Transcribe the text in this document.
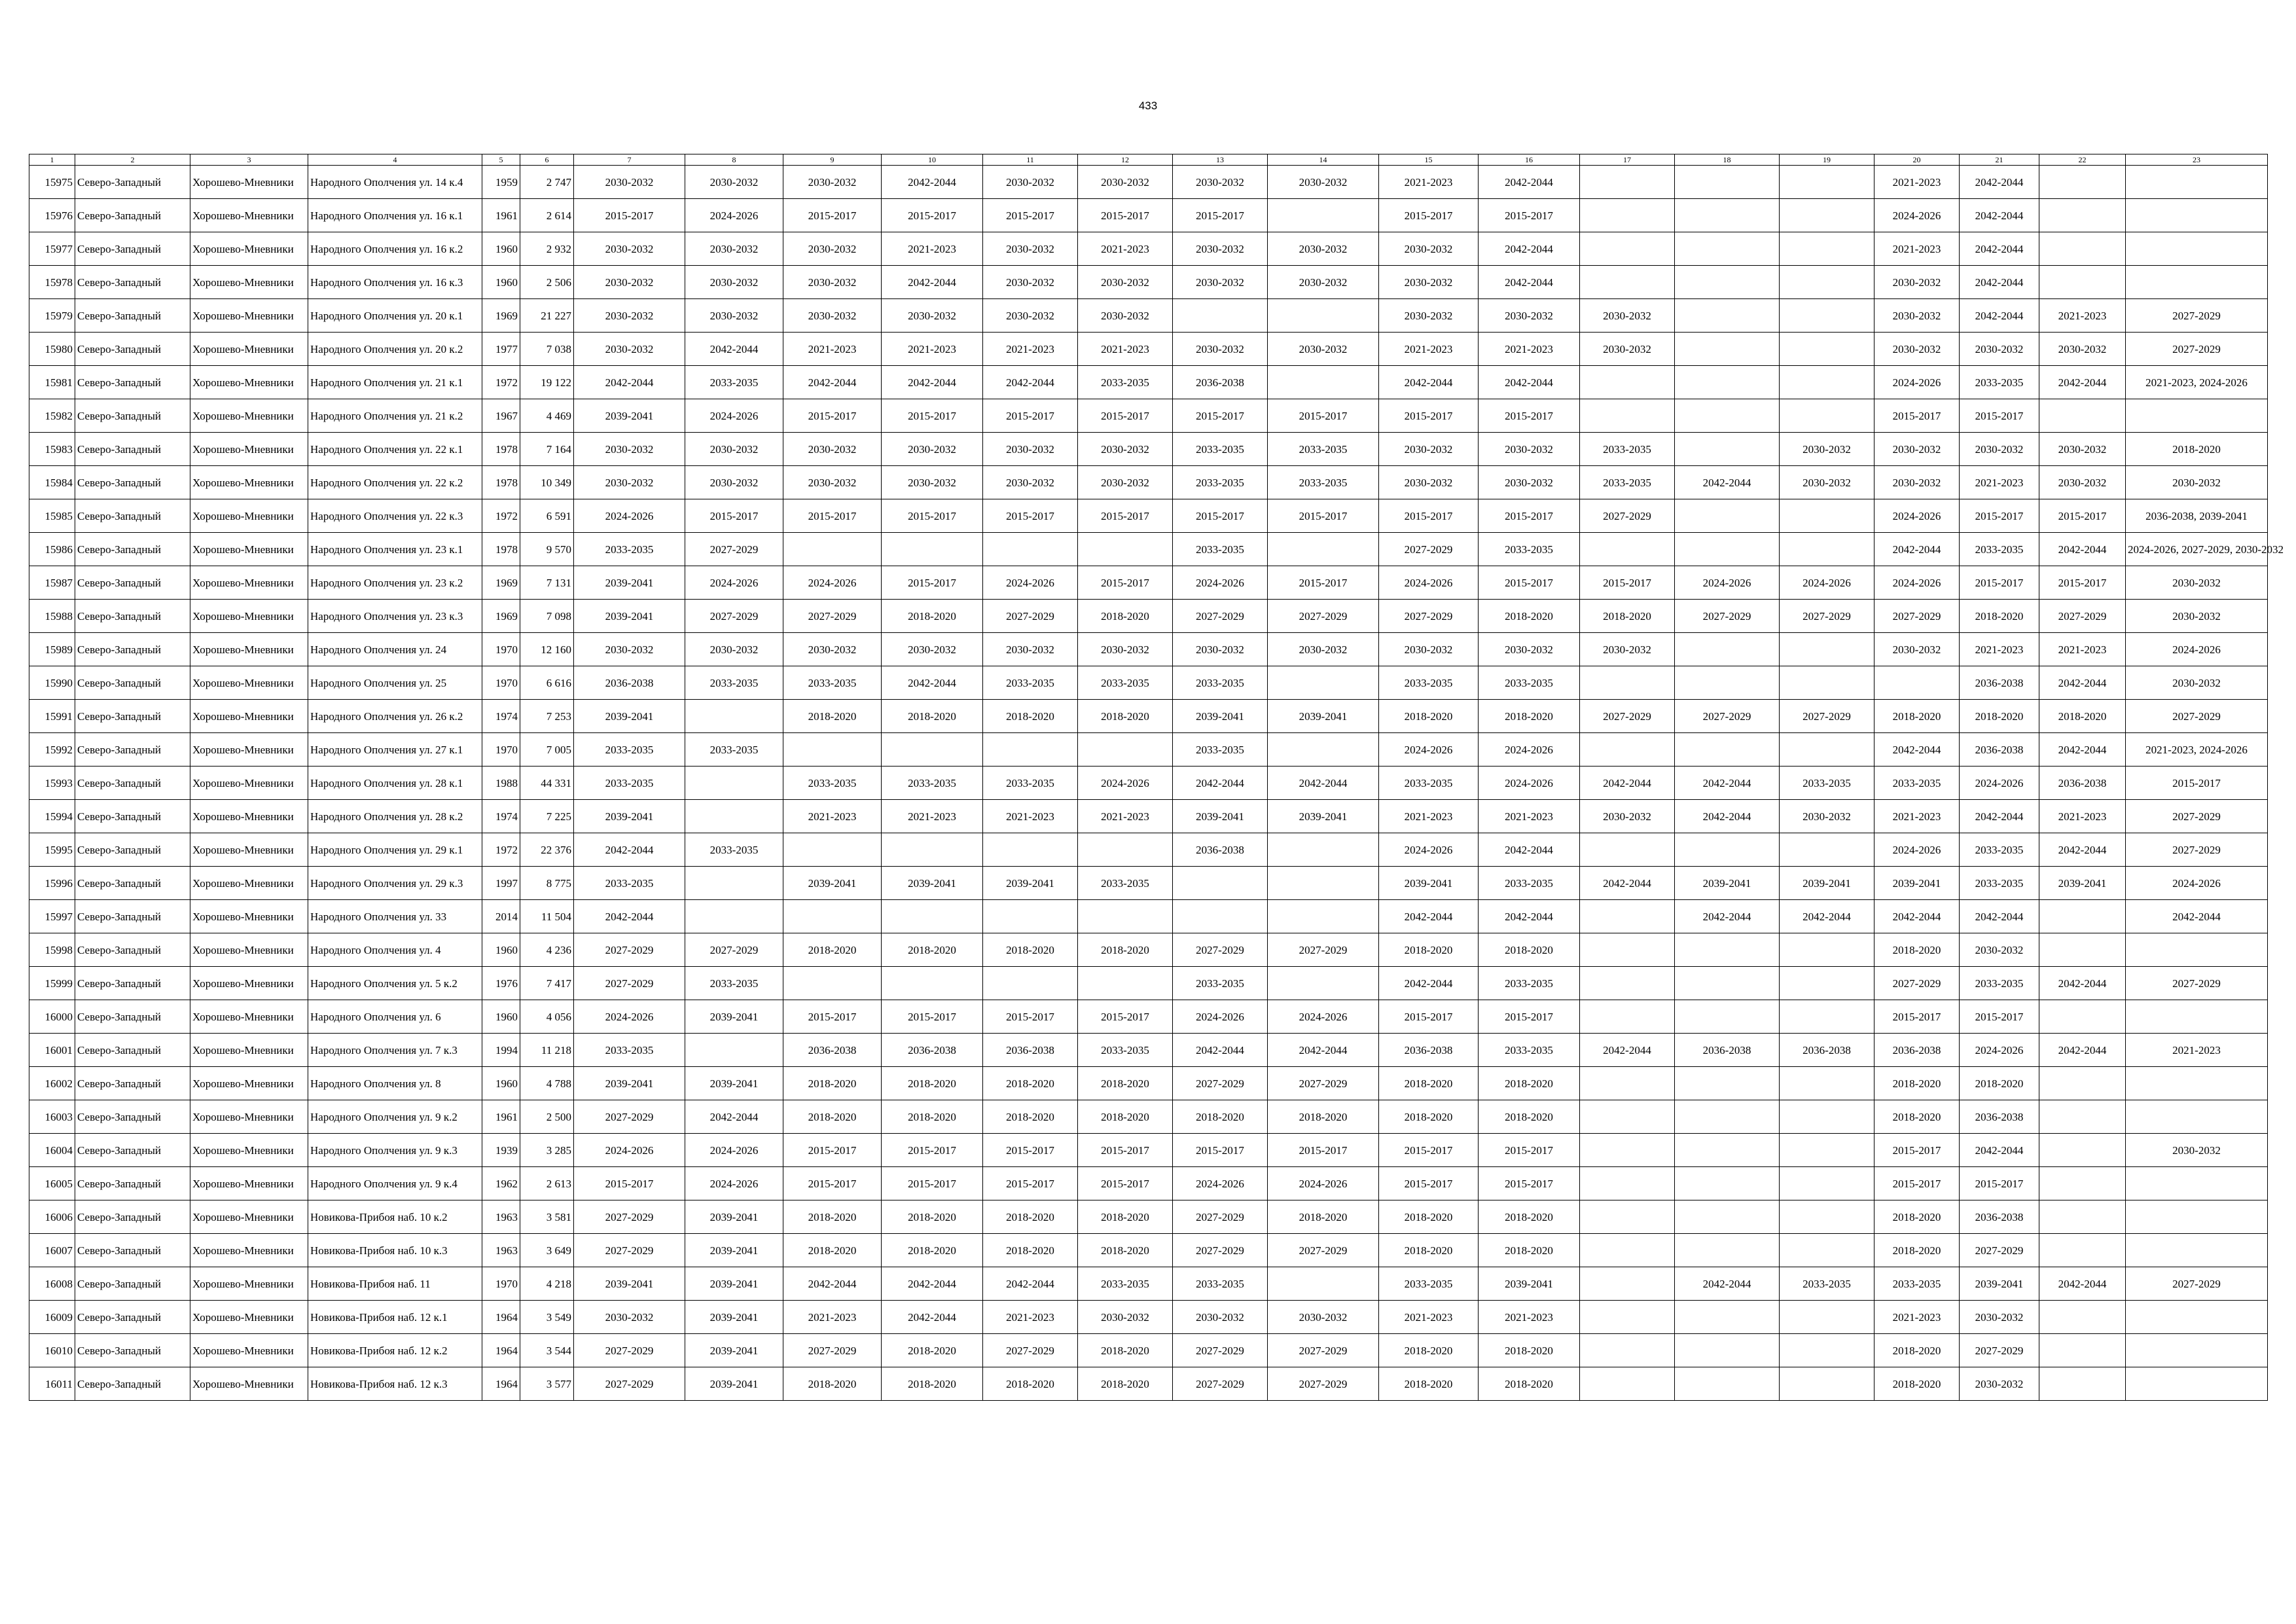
433
1	2	3	4	5	6	7	8	9	10	11	12	13	14	15	16	17	18	19	20	21	22	23
15975	Северо-Западный	Хорошево-Мневники	Народного Ополчения ул. 14 к.4	1959	2 747	2030-2032	2030-2032	2030-2032	2042-2044	2030-2032	2030-2032	2030-2032	2030-2032	2021-2023	2042-2044				2021-2023	2042-2044		
15976	Северо-Западный	Хорошево-Мневники	Народного Ополчения ул. 16 к.1	1961	2 614	2015-2017	2024-2026	2015-2017	2015-2017	2015-2017	2015-2017	2015-2017		2015-2017	2015-2017				2024-2026	2042-2044		
15977	Северо-Западный	Хорошево-Мневники	Народного Ополчения ул. 16 к.2	1960	2 932	2030-2032	2030-2032	2030-2032	2021-2023	2030-2032	2021-2023	2030-2032	2030-2032	2030-2032	2042-2044				2021-2023	2042-2044		
15978	Северо-Западный	Хорошево-Мневники	Народного Ополчения ул. 16 к.3	1960	2 506	2030-2032	2030-2032	2030-2032	2042-2044	2030-2032	2030-2032	2030-2032	2030-2032	2030-2032	2042-2044				2030-2032	2042-2044		
15979	Северо-Западный	Хорошево-Мневники	Народного Ополчения ул. 20 к.1	1969	21 227	2030-2032	2030-2032	2030-2032	2030-2032	2030-2032	2030-2032			2030-2032	2030-2032	2030-2032			2030-2032	2042-2044	2021-2023	2027-2029
15980	Северо-Западный	Хорошево-Мневники	Народного Ополчения ул. 20 к.2	1977	7 038	2030-2032	2042-2044	2021-2023	2021-2023	2021-2023	2021-2023	2030-2032	2030-2032	2021-2023	2021-2023	2030-2032			2030-2032	2030-2032	2030-2032	2027-2029
15981	Северо-Западный	Хорошево-Мневники	Народного Ополчения ул. 21 к.1	1972	19 122	2042-2044	2033-2035	2042-2044	2042-2044	2042-2044	2033-2035	2036-2038		2042-2044	2042-2044				2024-2026	2033-2035	2042-2044	2021-2023, 2024-2026
15982	Северо-Западный	Хорошево-Мневники	Народного Ополчения ул. 21 к.2	1967	4 469	2039-2041	2024-2026	2015-2017	2015-2017	2015-2017	2015-2017	2015-2017	2015-2017	2015-2017	2015-2017				2015-2017	2015-2017		
15983	Северо-Западный	Хорошево-Мневники	Народного Ополчения ул. 22 к.1	1978	7 164	2030-2032	2030-2032	2030-2032	2030-2032	2030-2032	2030-2032	2033-2035	2033-2035	2030-2032	2030-2032	2033-2035		2030-2032	2030-2032	2030-2032	2030-2032	2018-2020
15984	Северо-Западный	Хорошево-Мневники	Народного Ополчения ул. 22 к.2	1978	10 349	2030-2032	2030-2032	2030-2032	2030-2032	2030-2032	2030-2032	2033-2035	2033-2035	2030-2032	2030-2032	2033-2035	2042-2044	2030-2032	2030-2032	2021-2023	2030-2032	2030-2032
15985	Северо-Западный	Хорошево-Мневники	Народного Ополчения ул. 22 к.3	1972	6 591	2024-2026	2015-2017	2015-2017	2015-2017	2015-2017	2015-2017	2015-2017	2015-2017	2015-2017	2015-2017	2027-2029			2024-2026	2015-2017	2015-2017	2036-2038, 2039-2041
15986	Северо-Западный	Хорошево-Мневники	Народного Ополчения ул. 23 к.1	1978	9 570	2033-2035	2027-2029					2033-2035		2027-2029	2033-2035				2042-2044	2033-2035	2042-2044	2024-2026, 2027-2029, 2030-2032
15987	Северо-Западный	Хорошево-Мневники	Народного Ополчения ул. 23 к.2	1969	7 131	2039-2041	2024-2026	2024-2026	2015-2017	2024-2026	2015-2017	2024-2026	2015-2017	2024-2026	2015-2017	2015-2017	2024-2026	2024-2026	2024-2026	2015-2017	2015-2017	2030-2032
15988	Северо-Западный	Хорошево-Мневники	Народного Ополчения ул. 23 к.3	1969	7 098	2039-2041	2027-2029	2027-2029	2018-2020	2027-2029	2018-2020	2027-2029	2027-2029	2027-2029	2018-2020	2018-2020	2027-2029	2027-2029	2027-2029	2018-2020	2027-2029	2030-2032
15989	Северо-Западный	Хорошево-Мневники	Народного Ополчения ул. 24	1970	12 160	2030-2032	2030-2032	2030-2032	2030-2032	2030-2032	2030-2032	2030-2032	2030-2032	2030-2032	2030-2032	2030-2032			2030-2032	2021-2023	2021-2023	2024-2026
15990	Северо-Западный	Хорошево-Мневники	Народного Ополчения ул. 25	1970	6 616	2036-2038	2033-2035	2033-2035	2042-2044	2033-2035	2033-2035	2033-2035		2033-2035	2033-2035					2036-2038	2042-2044	2030-2032
15991	Северо-Западный	Хорошево-Мневники	Народного Ополчения ул. 26 к.2	1974	7 253	2039-2041		2018-2020	2018-2020	2018-2020	2018-2020	2039-2041	2039-2041	2018-2020	2018-2020	2027-2029	2027-2029	2027-2029	2018-2020	2018-2020	2018-2020	2027-2029
15992	Северо-Западный	Хорошево-Мневники	Народного Ополчения ул. 27 к.1	1970	7 005	2033-2035	2033-2035					2033-2035		2024-2026	2024-2026				2042-2044	2036-2038	2042-2044	2021-2023, 2024-2026
15993	Северо-Западный	Хорошево-Мневники	Народного Ополчения ул. 28 к.1	1988	44 331	2033-2035		2033-2035	2033-2035	2033-2035	2024-2026	2042-2044	2042-2044	2033-2035	2024-2026	2042-2044	2042-2044	2033-2035	2033-2035	2024-2026	2036-2038	2015-2017
15994	Северо-Западный	Хорошево-Мневники	Народного Ополчения ул. 28 к.2	1974	7 225	2039-2041		2021-2023	2021-2023	2021-2023	2021-2023	2039-2041	2039-2041	2021-2023	2021-2023	2030-2032	2042-2044	2030-2032	2021-2023	2042-2044	2021-2023	2027-2029
15995	Северо-Западный	Хорошево-Мневники	Народного Ополчения ул. 29 к.1	1972	22 376	2042-2044	2033-2035					2036-2038		2024-2026	2042-2044				2024-2026	2033-2035	2042-2044	2027-2029
15996	Северо-Западный	Хорошево-Мневники	Народного Ополчения ул. 29 к.3	1997	8 775	2033-2035		2039-2041	2039-2041	2039-2041	2033-2035			2039-2041	2033-2035	2042-2044	2039-2041	2039-2041	2039-2041	2033-2035	2039-2041	2024-2026
15997	Северо-Западный	Хорошево-Мневники	Народного Ополчения ул. 33	2014	11 504	2042-2044								2042-2044	2042-2044		2042-2044	2042-2044	2042-2044	2042-2044		2042-2044
15998	Северо-Западный	Хорошево-Мневники	Народного Ополчения ул. 4	1960	4 236	2027-2029	2027-2029	2018-2020	2018-2020	2018-2020	2018-2020	2027-2029	2027-2029	2018-2020	2018-2020				2018-2020	2030-2032		
15999	Северо-Западный	Хорошево-Мневники	Народного Ополчения ул. 5 к.2	1976	7 417	2027-2029	2033-2035					2033-2035		2042-2044	2033-2035				2027-2029	2033-2035	2042-2044	2027-2029
16000	Северо-Западный	Хорошево-Мневники	Народного Ополчения ул. 6	1960	4 056	2024-2026	2039-2041	2015-2017	2015-2017	2015-2017	2015-2017	2024-2026	2024-2026	2015-2017	2015-2017				2015-2017	2015-2017		
16001	Северо-Западный	Хорошево-Мневники	Народного Ополчения ул. 7 к.3	1994	11 218	2033-2035		2036-2038	2036-2038	2036-2038	2033-2035	2042-2044	2042-2044	2036-2038	2033-2035	2042-2044	2036-2038	2036-2038	2036-2038	2024-2026	2042-2044	2021-2023
16002	Северо-Западный	Хорошево-Мневники	Народного Ополчения ул. 8	1960	4 788	2039-2041	2039-2041	2018-2020	2018-2020	2018-2020	2018-2020	2027-2029	2027-2029	2018-2020	2018-2020				2018-2020	2018-2020		
16003	Северо-Западный	Хорошево-Мневники	Народного Ополчения ул. 9 к.2	1961	2 500	2027-2029	2042-2044	2018-2020	2018-2020	2018-2020	2018-2020	2018-2020	2018-2020	2018-2020	2018-2020				2018-2020	2036-2038		
16004	Северо-Западный	Хорошево-Мневники	Народного Ополчения ул. 9 к.3	1939	3 285	2024-2026	2024-2026	2015-2017	2015-2017	2015-2017	2015-2017	2015-2017	2015-2017	2015-2017	2015-2017				2015-2017	2042-2044		2030-2032
16005	Северо-Западный	Хорошево-Мневники	Народного Ополчения ул. 9 к.4	1962	2 613	2015-2017	2024-2026	2015-2017	2015-2017	2015-2017	2015-2017	2024-2026	2024-2026	2015-2017	2015-2017				2015-2017	2015-2017		
16006	Северо-Западный	Хорошево-Мневники	Новикова-Прибоя наб. 10 к.2	1963	3 581	2027-2029	2039-2041	2018-2020	2018-2020	2018-2020	2018-2020	2027-2029	2018-2020	2018-2020	2018-2020				2018-2020	2036-2038		
16007	Северо-Западный	Хорошево-Мневники	Новикова-Прибоя наб. 10 к.3	1963	3 649	2027-2029	2039-2041	2018-2020	2018-2020	2018-2020	2018-2020	2027-2029	2027-2029	2018-2020	2018-2020				2018-2020	2027-2029		
16008	Северо-Западный	Хорошево-Мневники	Новикова-Прибоя наб. 11	1970	4 218	2039-2041	2039-2041	2042-2044	2042-2044	2042-2044	2033-2035	2033-2035		2033-2035	2039-2041		2042-2044	2033-2035	2033-2035	2039-2041	2042-2044	2027-2029
16009	Северо-Западный	Хорошево-Мневники	Новикова-Прибоя наб. 12 к.1	1964	3 549	2030-2032	2039-2041	2021-2023	2042-2044	2021-2023	2030-2032	2030-2032	2030-2032	2021-2023	2021-2023				2021-2023	2030-2032		
16010	Северо-Западный	Хорошево-Мневники	Новикова-Прибоя наб. 12 к.2	1964	3 544	2027-2029	2039-2041	2027-2029	2018-2020	2027-2029	2018-2020	2027-2029	2027-2029	2018-2020	2018-2020				2018-2020	2027-2029		
16011	Северо-Западный	Хорошево-Мневники	Новикова-Прибоя наб. 12 к.3	1964	3 577	2027-2029	2039-2041	2018-2020	2018-2020	2018-2020	2018-2020	2027-2029	2027-2029	2018-2020	2018-2020				2018-2020	2030-2032		
